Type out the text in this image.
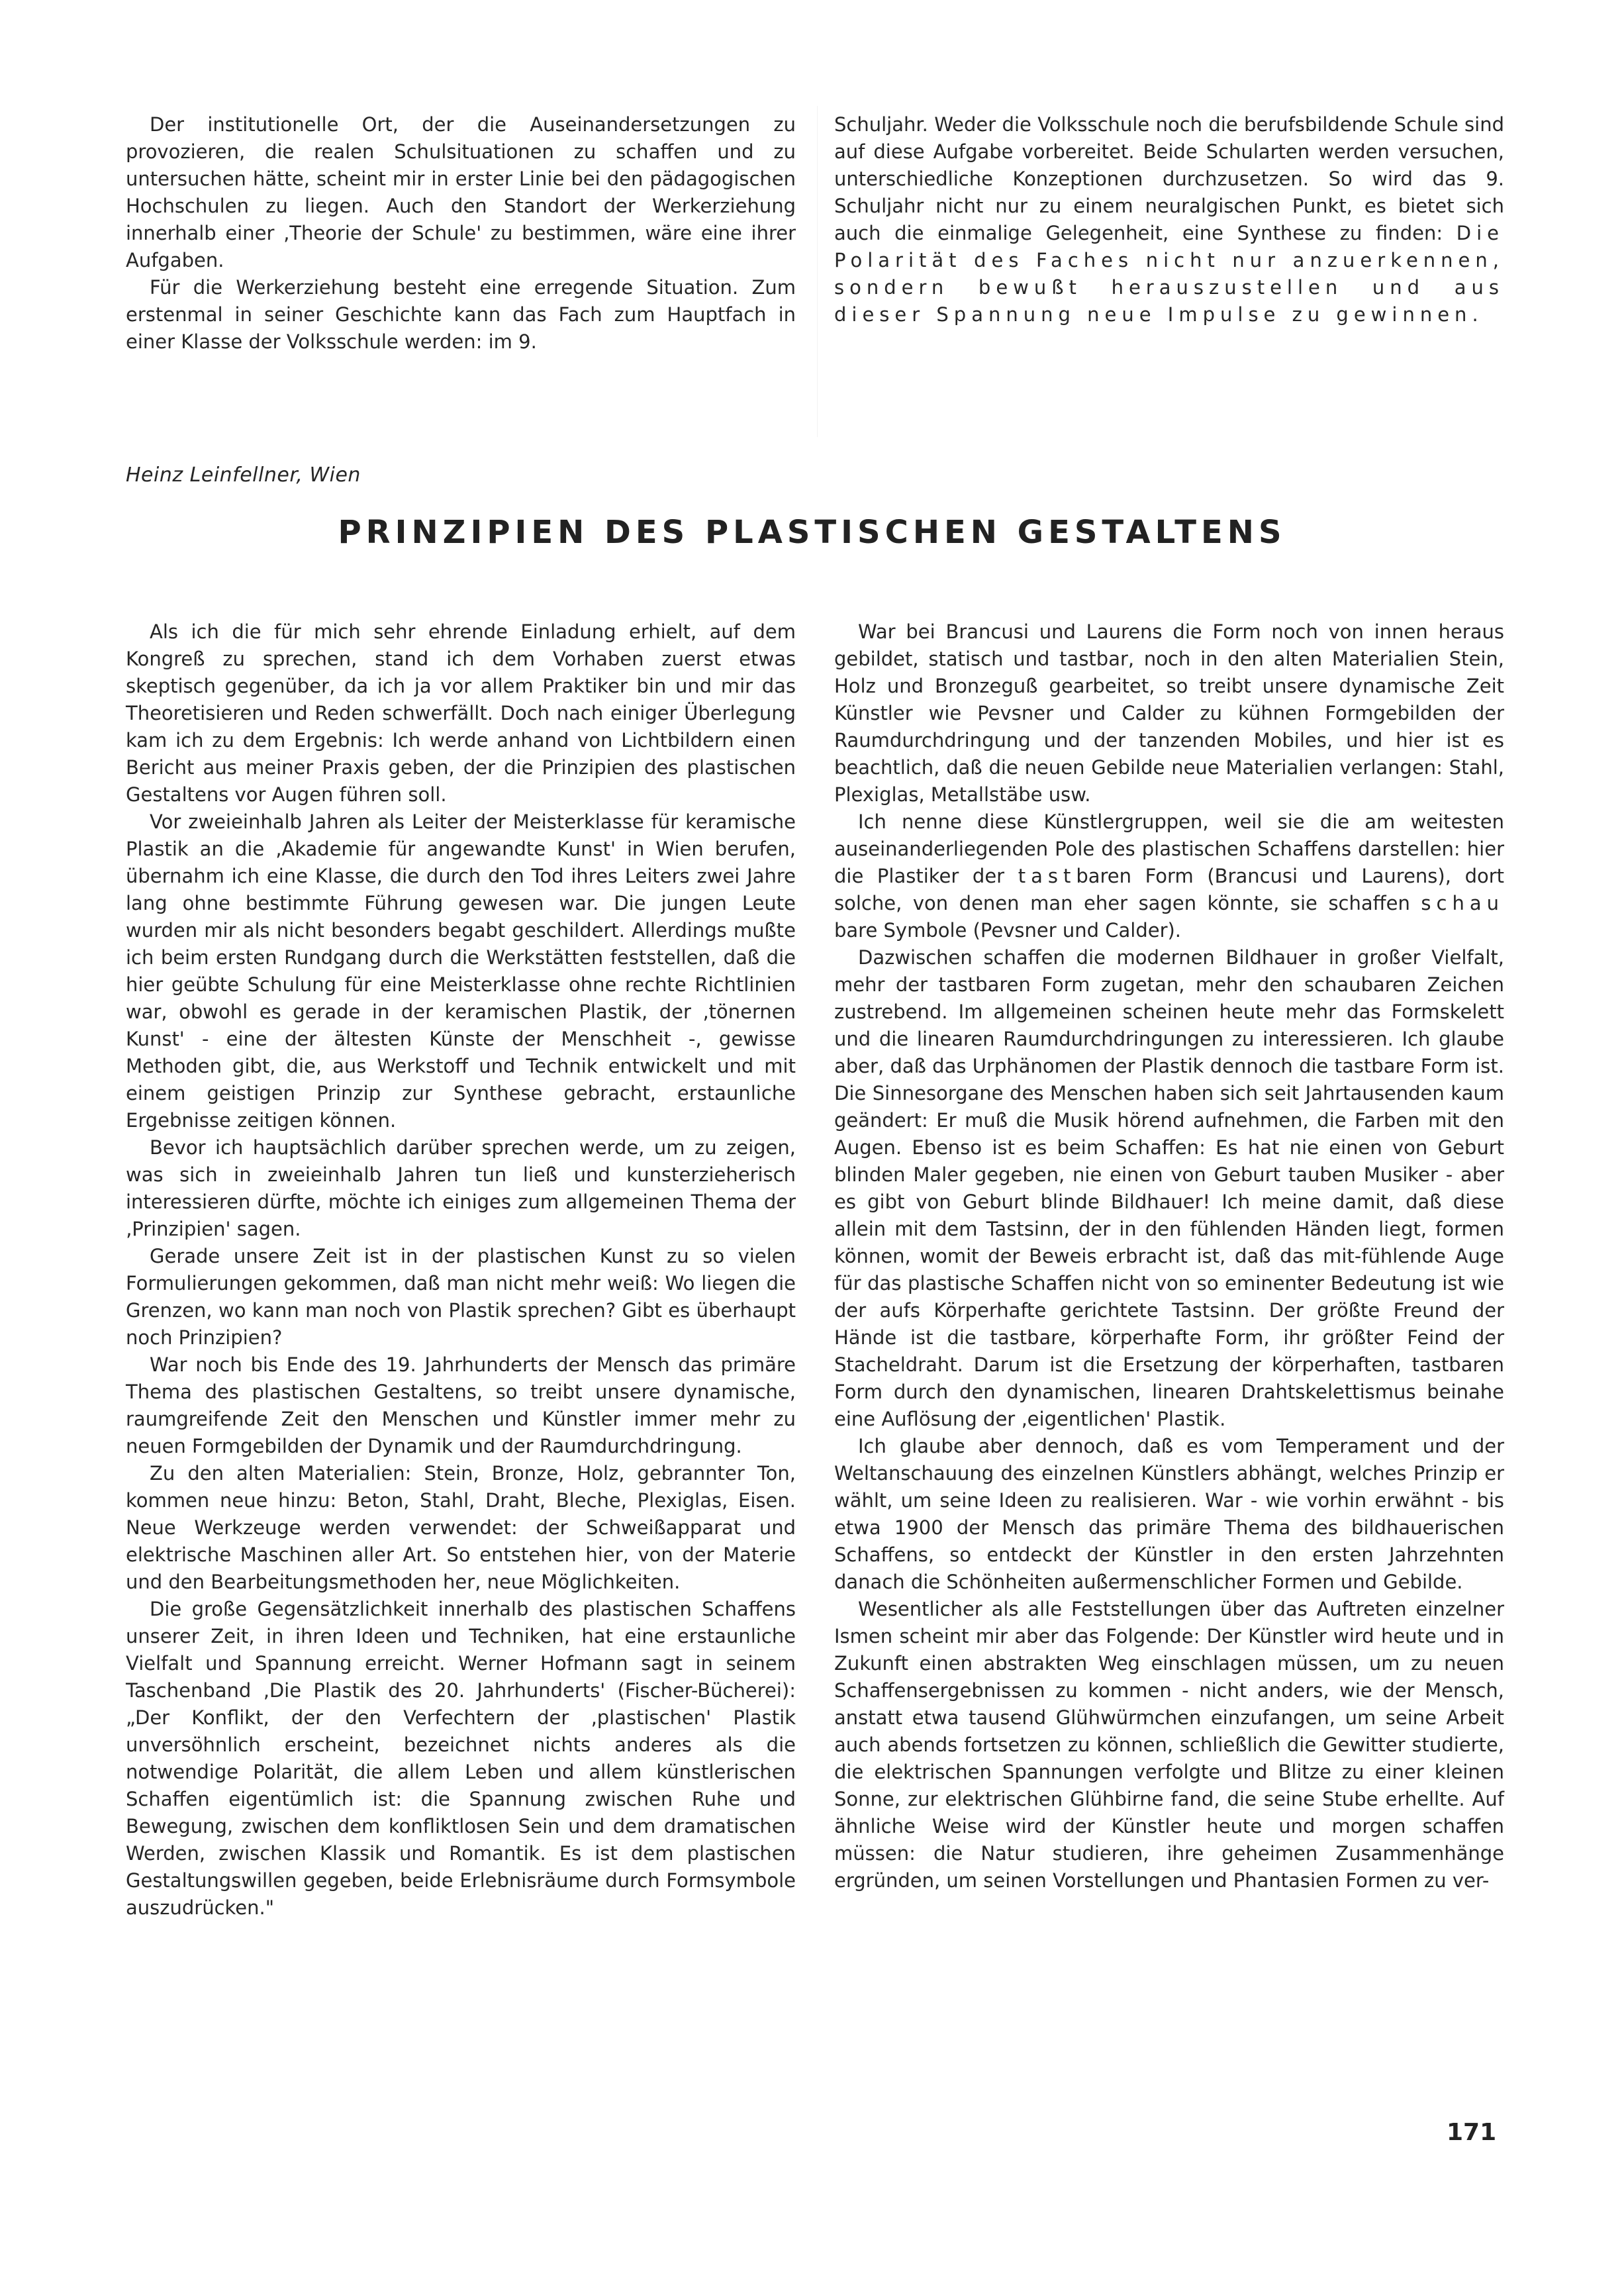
Der institutionelle Ort, der die Auseinandersetzungen zu provozieren, die realen Schulsituationen zu schaffen und zu untersuchen hätte, scheint mir in erster Linie bei den pädagogischen Hochschulen zu liegen. Auch den Standort der Werkerziehung innerhalb einer ‚Theorie der Schule' zu bestimmen, wäre eine ihrer Aufgaben.

Für die Werkerziehung besteht eine erregende Situation. Zum erstenmal in seiner Geschichte kann das Fach zum Hauptfach in einer Klasse der Volksschule werden: im 9.

Schuljahr. Weder die Volksschule noch die berufsbildende Schule sind auf diese Aufgabe vorbereitet. Beide Schularten werden versuchen, unterschiedliche Konzeptionen durchzusetzen. So wird das 9. Schuljahr nicht nur zu einem neuralgischen Punkt, es bietet sich auch die einmalige Gelegenheit, eine Synthese zu finden: Die Polarität des Faches nicht nur anzuerkennen, sondern bewußt herauszustellen und aus dieser Spannung neue Impulse zu gewinnen.

Heinz Leinfellner, Wien
PRINZIPIEN DES PLASTISCHEN GESTALTENS

Als ich die für mich sehr ehrende Einladung erhielt, auf dem Kongreß zu sprechen, stand ich dem Vorhaben zuerst etwas skeptisch gegenüber, da ich ja vor allem Praktiker bin und mir das Theoretisieren und Reden schwerfällt. Doch nach einiger Überlegung kam ich zu dem Ergebnis: Ich werde anhand von Lichtbildern einen Bericht aus meiner Praxis geben, der die Prinzipien des plastischen Gestaltens vor Augen führen soll.

Vor zweieinhalb Jahren als Leiter der Meisterklasse für keramische Plastik an die ‚Akademie für angewandte Kunst' in Wien berufen, übernahm ich eine Klasse, die durch den Tod ihres Leiters zwei Jahre lang ohne bestimmte Führung gewesen war. Die jungen Leute wurden mir als nicht besonders begabt geschildert. Allerdings mußte ich beim ersten Rundgang durch die Werkstätten feststellen, daß die hier geübte Schulung für eine Meisterklasse ohne rechte Richtlinien war, obwohl es gerade in der keramischen Plastik, der ‚tönernen Kunst' - eine der ältesten Künste der Menschheit -, gewisse Methoden gibt, die, aus Werkstoff und Technik entwickelt und mit einem geistigen Prinzip zur Synthese gebracht, erstaunliche Ergebnisse zeitigen können.

Bevor ich hauptsächlich darüber sprechen werde, um zu zeigen, was sich in zweieinhalb Jahren tun ließ und kunsterzieherisch interessieren dürfte, möchte ich einiges zum allgemeinen Thema der ‚Prinzipien' sagen.

Gerade unsere Zeit ist in der plastischen Kunst zu so vielen Formulierungen gekommen, daß man nicht mehr weiß: Wo liegen die Grenzen, wo kann man noch von Plastik sprechen? Gibt es überhaupt noch Prinzipien?

War noch bis Ende des 19. Jahrhunderts der Mensch das primäre Thema des plastischen Gestaltens, so treibt unsere dynamische, raumgreifende Zeit den Menschen und Künstler immer mehr zu neuen Formgebilden der Dynamik und der Raumdurchdringung.

Zu den alten Materialien: Stein, Bronze, Holz, gebrannter Ton, kommen neue hinzu: Beton, Stahl, Draht, Bleche, Plexiglas, Eisen. Neue Werkzeuge werden verwendet: der Schweißapparat und elektrische Maschinen aller Art. So entstehen hier, von der Materie und den Bearbeitungsmethoden her, neue Möglichkeiten.

Die große Gegensätzlichkeit innerhalb des plastischen Schaffens unserer Zeit, in ihren Ideen und Techniken, hat eine erstaunliche Vielfalt und Spannung erreicht. Werner Hofmann sagt in seinem Taschenband ‚Die Plastik des 20. Jahrhunderts' (Fischer-Bücherei): „Der Konflikt, der den Verfechtern der ‚plastischen' Plastik unversöhnlich erscheint, bezeichnet nichts anderes als die notwendige Polarität, die allem Leben und allem künstlerischen Schaffen eigentümlich ist: die Spannung zwischen Ruhe und Bewegung, zwischen dem konfliktlosen Sein und dem dramatischen Werden, zwischen Klassik und Romantik. Es ist dem plastischen Gestaltungswillen gegeben, beide Erlebnisräume durch Formsymbole auszudrücken."

War bei Brancusi und Laurens die Form noch von innen heraus gebildet, statisch und tastbar, noch in den alten Materialien Stein, Holz und Bronzeguß gearbeitet, so treibt unsere dynamische Zeit Künstler wie Pevsner und Calder zu kühnen Formgebilden der Raumdurchdringung und der tanzenden Mobiles, und hier ist es beachtlich, daß die neuen Gebilde neue Materialien verlangen: Stahl, Plexiglas, Metallstäbe usw.

Ich nenne diese Künstlergruppen, weil sie die am weitesten auseinanderliegenden Pole des plastischen Schaffens darstellen: hier die Plastiker der tastbaren Form (Brancusi und Laurens), dort solche, von denen man eher sagen könnte, sie schaffen schau bare Symbole (Pevsner und Calder).

Dazwischen schaffen die modernen Bildhauer in großer Vielfalt, mehr der tastbaren Form zugetan, mehr den schaubaren Zeichen zustrebend. Im allgemeinen scheinen heute mehr das Formskelett und die linearen Raumdurchdringungen zu interessieren. Ich glaube aber, daß das Urphänomen der Plastik dennoch die tastbare Form ist. Die Sinnesorgane des Menschen haben sich seit Jahrtausenden kaum geändert: Er muß die Musik hörend aufnehmen, die Farben mit den Augen. Ebenso ist es beim Schaffen: Es hat nie einen von Geburt blinden Maler gegeben, nie einen von Geburt tauben Musiker - aber es gibt von Geburt blinde Bildhauer! Ich meine damit, daß diese allein mit dem Tastsinn, der in den fühlenden Händen liegt, formen können, womit der Beweis erbracht ist, daß das mit-fühlende Auge für das plastische Schaffen nicht von so eminenter Bedeutung ist wie der aufs Körperhafte gerichtete Tastsinn. Der größte Freund der Hände ist die tastbare, körperhafte Form, ihr größter Feind der Stacheldraht. Darum ist die Ersetzung der körperhaften, tastbaren Form durch den dynamischen, linearen Drahtskelettismus beinahe eine Auflösung der ‚eigentlichen' Plastik.

Ich glaube aber dennoch, daß es vom Temperament und der Weltanschauung des einzelnen Künstlers abhängt, welches Prinzip er wählt, um seine Ideen zu realisieren. War - wie vorhin erwähnt - bis etwa 1900 der Mensch das primäre Thema des bildhauerischen Schaffens, so entdeckt der Künstler in den ersten Jahrzehnten danach die Schönheiten außermenschlicher Formen und Gebilde.

Wesentlicher als alle Feststellungen über das Auftreten einzelner Ismen scheint mir aber das Folgende: Der Künstler wird heute und in Zukunft einen abstrakten Weg einschlagen müssen, um zu neuen Schaffensergebnissen zu kommen - nicht anders, wie der Mensch, anstatt etwa tausend Glühwürmchen einzufangen, um seine Arbeit auch abends fortsetzen zu können, schließlich die Gewitter studierte, die elektrischen Spannungen verfolgte und Blitze zu einer kleinen Sonne, zur elektrischen Glühbirne fand, die seine Stube erhellte. Auf ähnliche Weise wird der Künstler heute und morgen schaffen müssen: die Natur studieren, ihre geheimen Zusammenhänge ergründen, um seinen Vorstellungen und Phantasien Formen zu ver-

171
